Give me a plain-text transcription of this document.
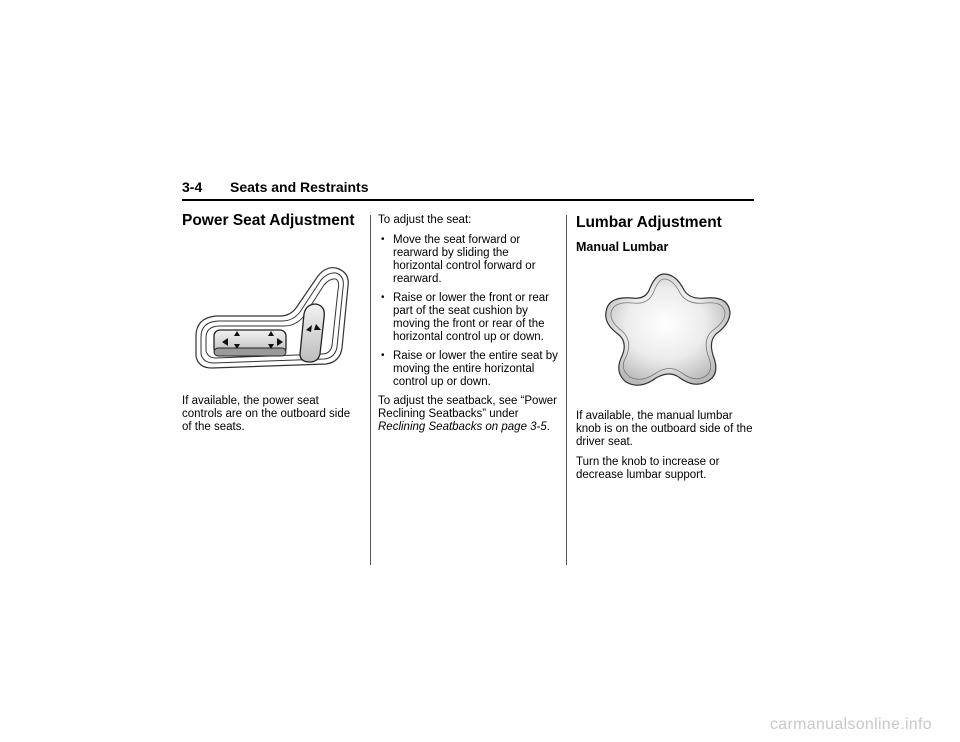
3-4 Seats and Restraints
Power Seat Adjustment

If available, the power seat controls are on the outboard side of the seats.

To adjust the seat:

• Move the seat forward or rearward by sliding the horizontal control forward or rearward.
• Raise or lower the front or rear part of the seat cushion by moving the front or rear of the horizontal control up or down.
• Raise or lower the entire seat by moving the entire horizontal control up or down.

To adjust the seatback, see “Power Reclining Seatbacks” under Reclining Seatbacks on page 3-5.

Lumbar Adjustment
Manual Lumbar

If available, the manual lumbar knob is on the outboard side of the driver seat.

Turn the knob to increase or decrease lumbar support.

carmanualsonline.info
